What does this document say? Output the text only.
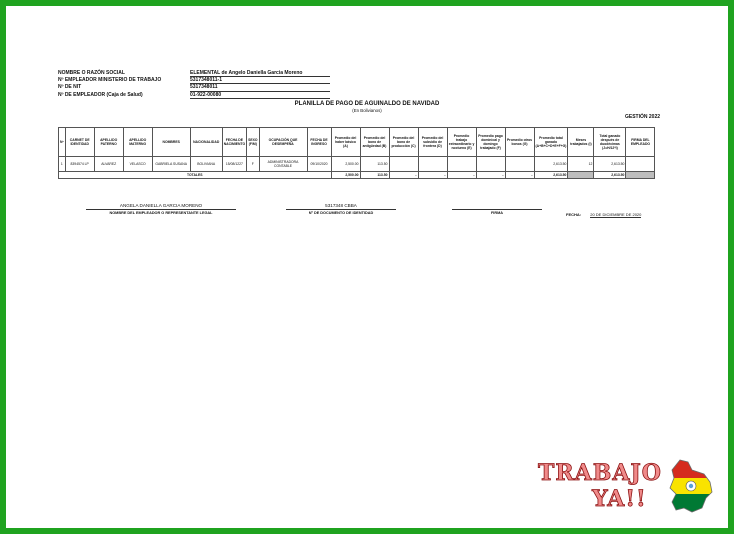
NOMBRE O RAZÓN SOCIAL	ELEMENTAL de Angelo Daniella Garcia Moreno
Nº EMPLEADOR MINISTERIO DE TRABAJO	5317348011-1
Nº DE NIT	5317348011
Nº DE EMPLEADOR (Caja de Salud)	01-922-00080
PLANILLA DE PAGO DE AGUINALDO DE NAVIDAD
(En Bolivianos)
GESTIÓN 2022
Nº	CARNET DE IDENTIDAD	APELLIDO PATERNO	APELLIDO MATERNO	NOMBRES	NACIONALIDAD	FECHA DE NACIMIENTO	SEXO (F/M)	OCUPACIÓN QUE DESEMPEÑA	FECHA DE INGRESO	Promedio del haber básico (A)	Promedio del bono de antigüedad (B)	Promedio del bono de producción (C)	Promedio del subsidio de frontera (D)	Promedio trabajo extraordinario y nocturno (E)	Promedio pago dominical y domingo trabajado (F)	Promedio otros bonos (G)	Promedio total ganado (A+B+C+D+E+F+G)	Meses trabajados (I)	Total ganado después de duodécimas (J=H/12*I)	FIRMA DEL EMPLEADO
1	8394574 LP	ALVAREZ	VELASCO	GABRIELA SUSANA	BOLIVIANA	15/08/1227	F	ADMINISTRADORA CONTABLE	09/10/2020	2,500.00	113.50						2,613.50	12	2,613.50	
TOTALES										2,500.00	113.50	-	-	-	-	-	2,613.50		2,613.50	
ANGELA DANIELLA GARCIA MORENO
NOMBRE DEL EMPLEADOR O REPRESENTANTE LEGAL
5317348 CBBA
Nº DE DOCUMENTO DE IDENTIDAD
	FIRMA	FECHA: 20 DE DICIEMBRE DE 2020
TRABAJO
YA!!
